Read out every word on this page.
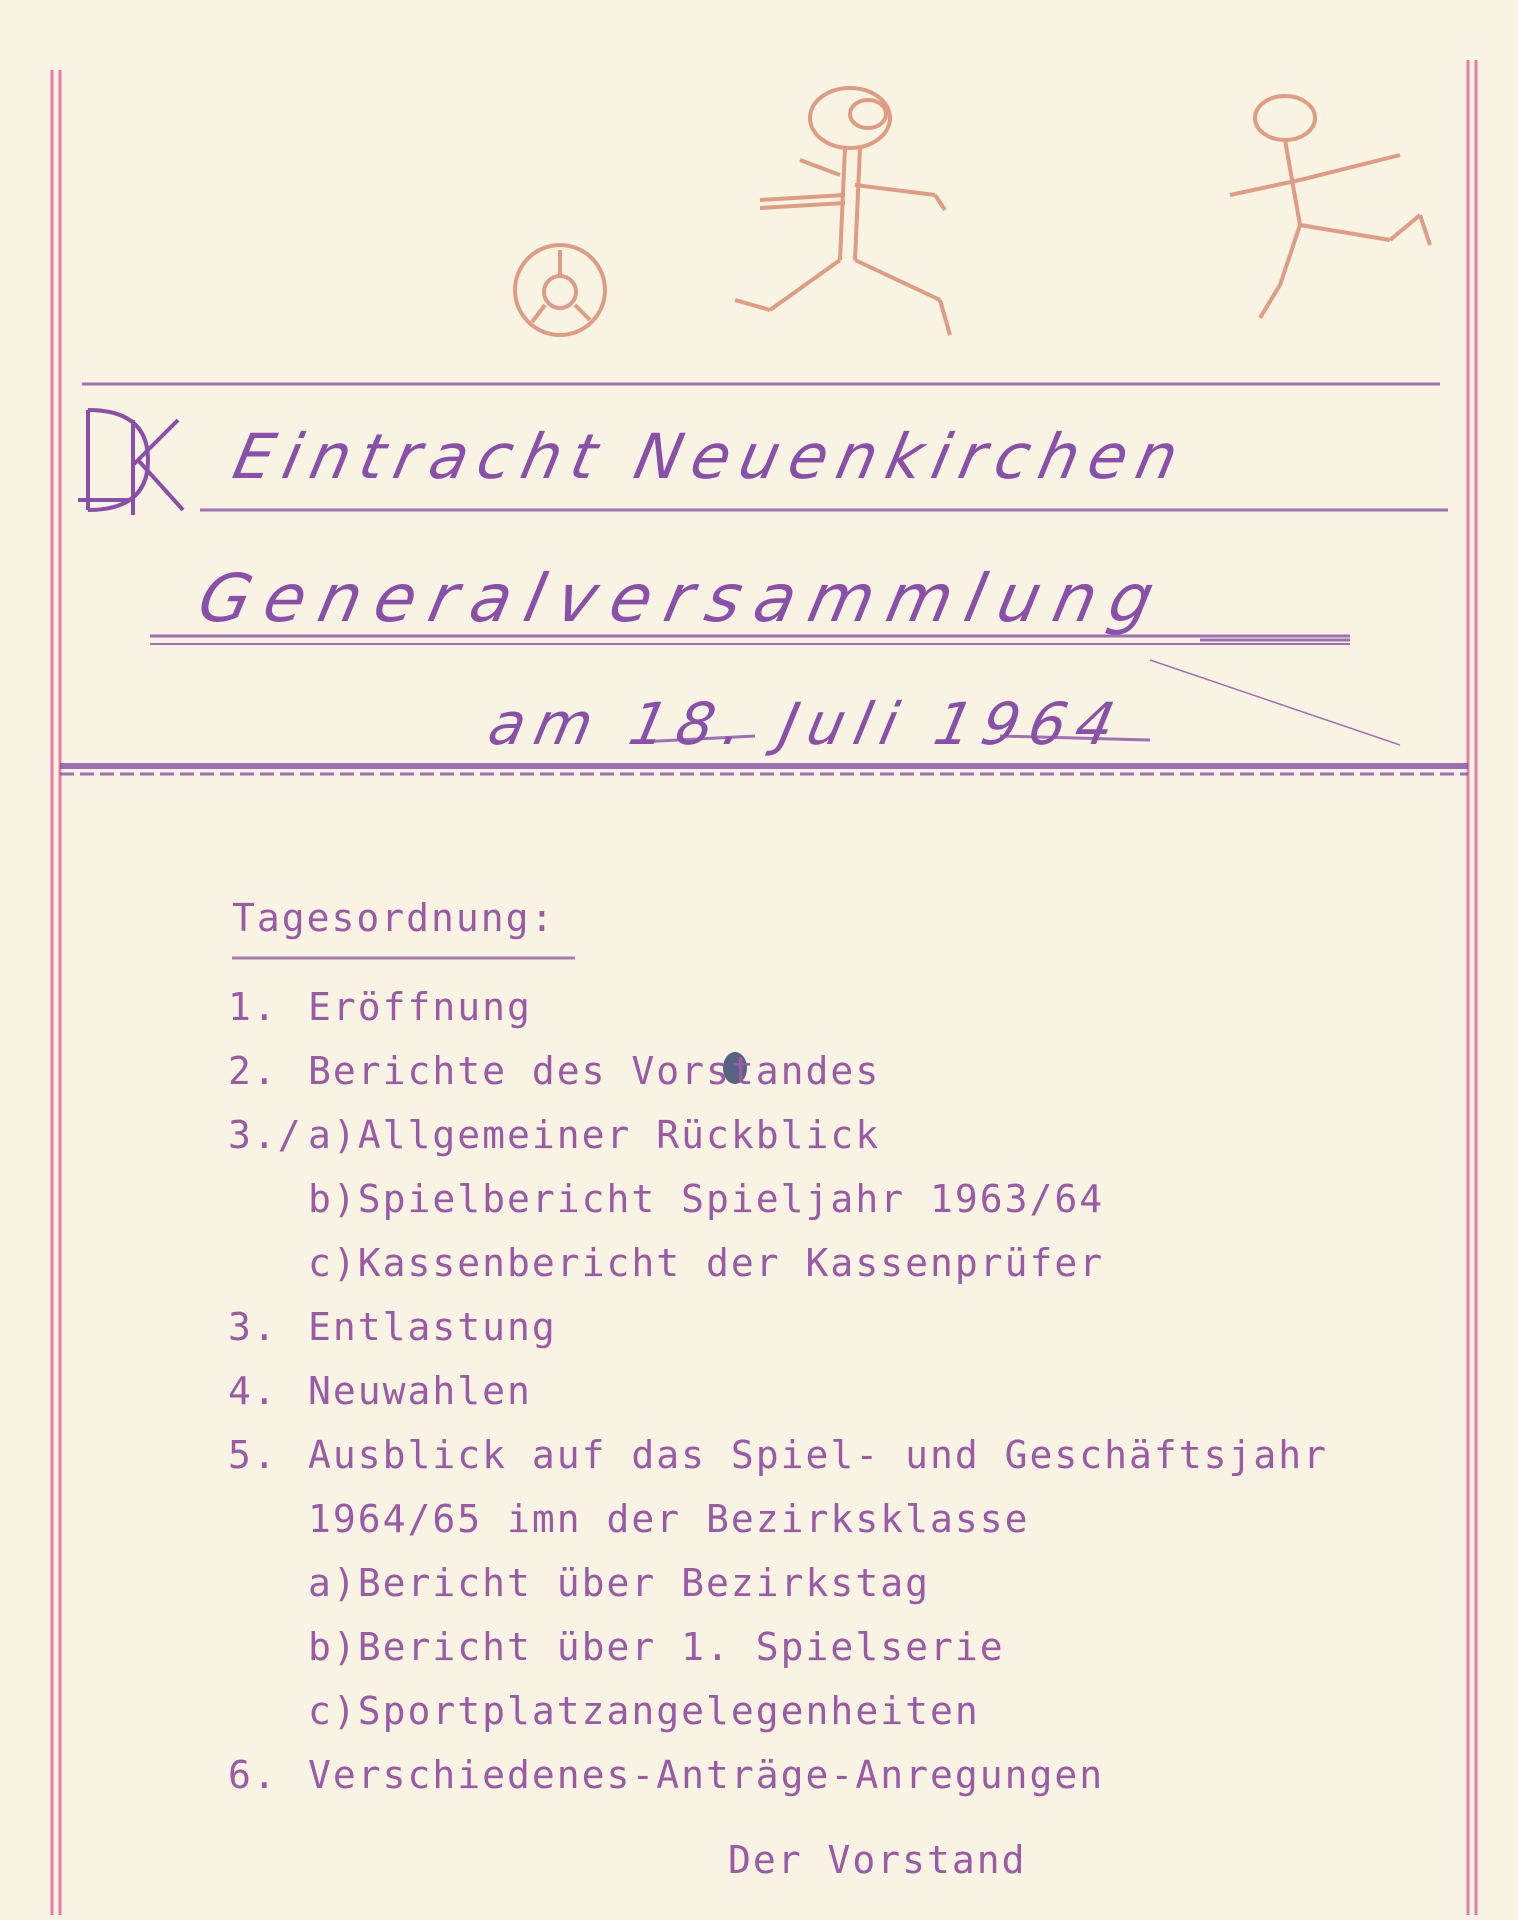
Eintracht Neuenkirchen
Generalversammlung
am 18. Juli 1964
Tagesordnung:
1. Eröffnung
2. Berichte des Vorstandes
3./ a)Allgemeiner Rückblick
b)Spielbericht Spieljahr 1963/64
c)Kassenbericht der Kassenprüfer
3. Entlastung
4. Neuwahlen
5. Ausblick auf das Spiel- und Geschäftsjahr
1964/65 imn der Bezirksklasse
a)Bericht über Bezirkstag
b)Bericht über 1. Spielserie
c)Sportplatzangelegenheiten
6. Verschiedenes-Anträge-Anregungen
Der Vorstand
